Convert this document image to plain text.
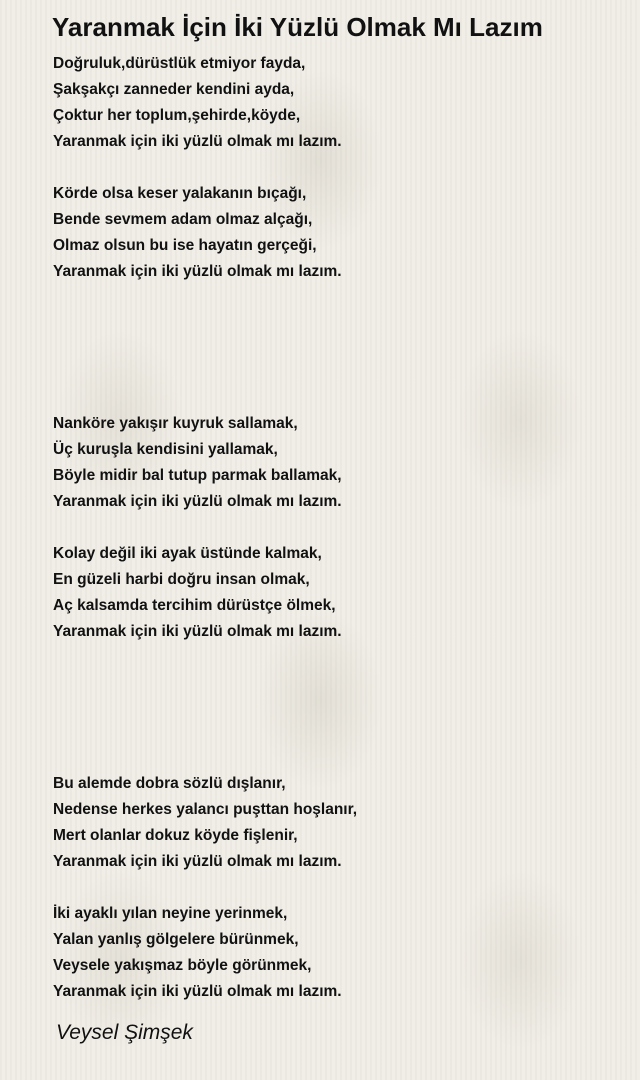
Yaranmak İçin İki Yüzlü Olmak Mı Lazım
Doğruluk,dürüstlük etmiyor fayda,
Şakşakçı zanneder kendini ayda,
Çoktur her toplum,şehirde,köyde,
Yaranmak için iki yüzlü olmak mı lazım.
Körde olsa keser yalakanın bıçağı,
Bende sevmem adam olmaz alçağı,
Olmaz olsun bu ise hayatın gerçeği,
Yaranmak için iki yüzlü olmak mı lazım.
Nanköre yakışır kuyruk sallamak,
Üç kuruşla kendisini yallamak,
Böyle midir bal tutup parmak ballamak,
Yaranmak için iki yüzlü olmak mı lazım.
Kolay değil iki ayak üstünde kalmak,
En güzeli harbi doğru insan olmak,
Aç kalsamda tercihim dürüstçe ölmek,
Yaranmak için iki yüzlü olmak mı lazım.
Bu alemde dobra sözlü dışlanır,
Nedense herkes yalancı puşttan hoşlanır,
Mert olanlar dokuz köyde fişlenir,
Yaranmak için iki yüzlü olmak mı lazım.
İki ayaklı yılan neyine yerinmek,
Yalan yanlış gölgelere bürünmek,
Veysele yakışmaz böyle görünmek,
Yaranmak için iki yüzlü olmak mı lazım.
Veysel Şimşek
